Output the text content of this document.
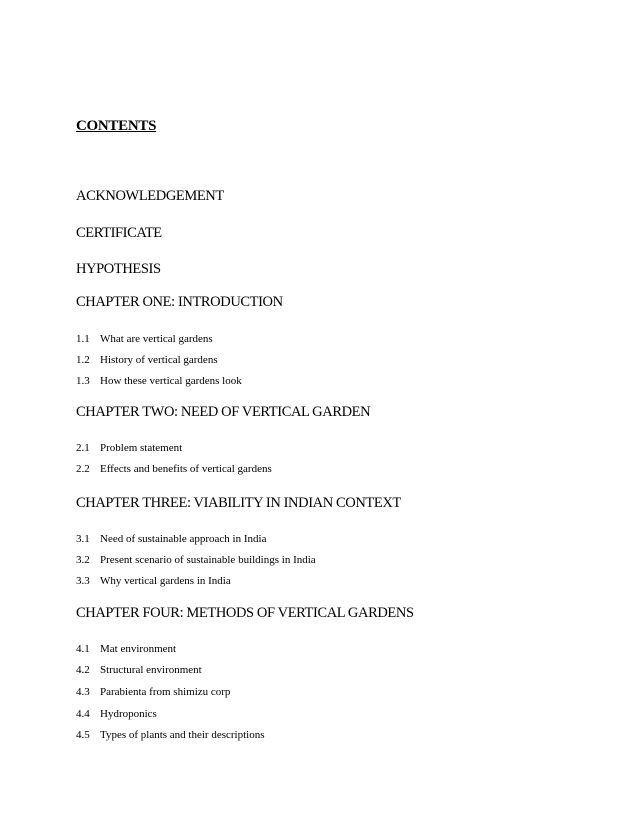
CONTENTS
ACKNOWLEDGEMENT
CERTIFICATE
HYPOTHESIS
CHAPTER ONE: INTRODUCTION
1.1 What are vertical gardens
1.2 History of vertical gardens
1.3 How these vertical gardens look
CHAPTER TWO: NEED OF VERTICAL GARDEN
2.1 Problem statement
2.2 Effects and benefits of vertical gardens
CHAPTER THREE: VIABILITY IN INDIAN CONTEXT
3.1 Need of sustainable approach in India
3.2 Present scenario of sustainable buildings in India
3.3 Why vertical gardens in India
CHAPTER FOUR: METHODS OF VERTICAL GARDENS
4.1 Mat environment
4.2 Structural environment
4.3 Parabienta from shimizu corp
4.4 Hydroponics
4.5 Types of plants and their descriptions
